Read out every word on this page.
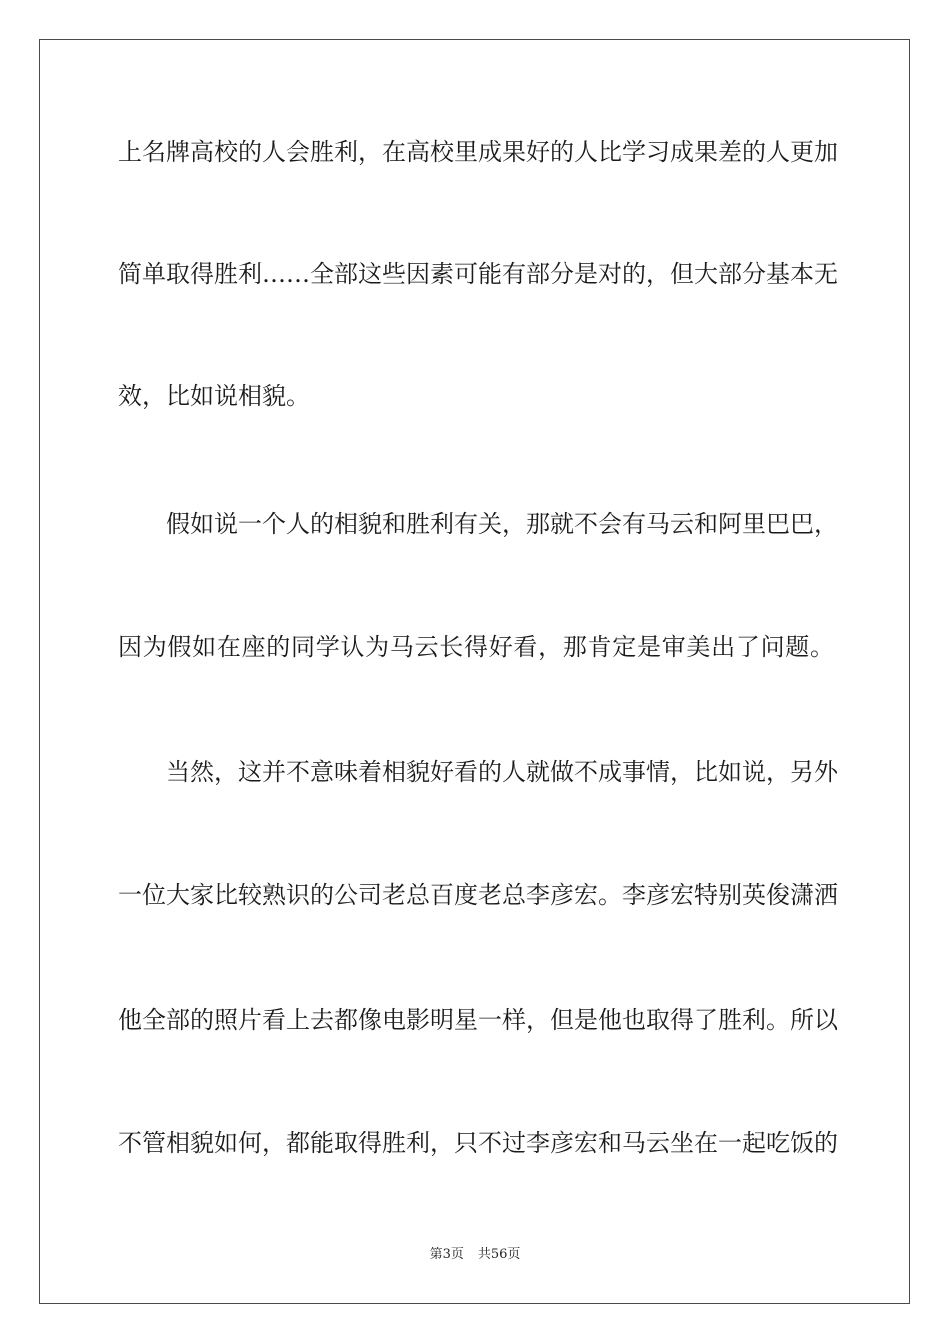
上名牌高校的人会胜利，在高校里成果好的人比学习成果差的人更加
简单取得胜利……全部这些因素可能有部分是对的，但大部分基本无
效，比如说相貌。
假如说一个人的相貌和胜利有关，那就不会有马云和阿里巴巴，
因为假如在座的同学认为马云长得好看，那肯定是审美出了问题。
当然，这并不意味着相貌好看的人就做不成事情，比如说，另外
一位大家比较熟识的公司老总百度老总李彦宏。李彦宏特别英俊潇洒
他全部的照片看上去都像电影明星一样，但是他也取得了胜利。所以
不管相貌如何，都能取得胜利，只不过李彦宏和马云坐在一起吃饭的
第3页 共56页
